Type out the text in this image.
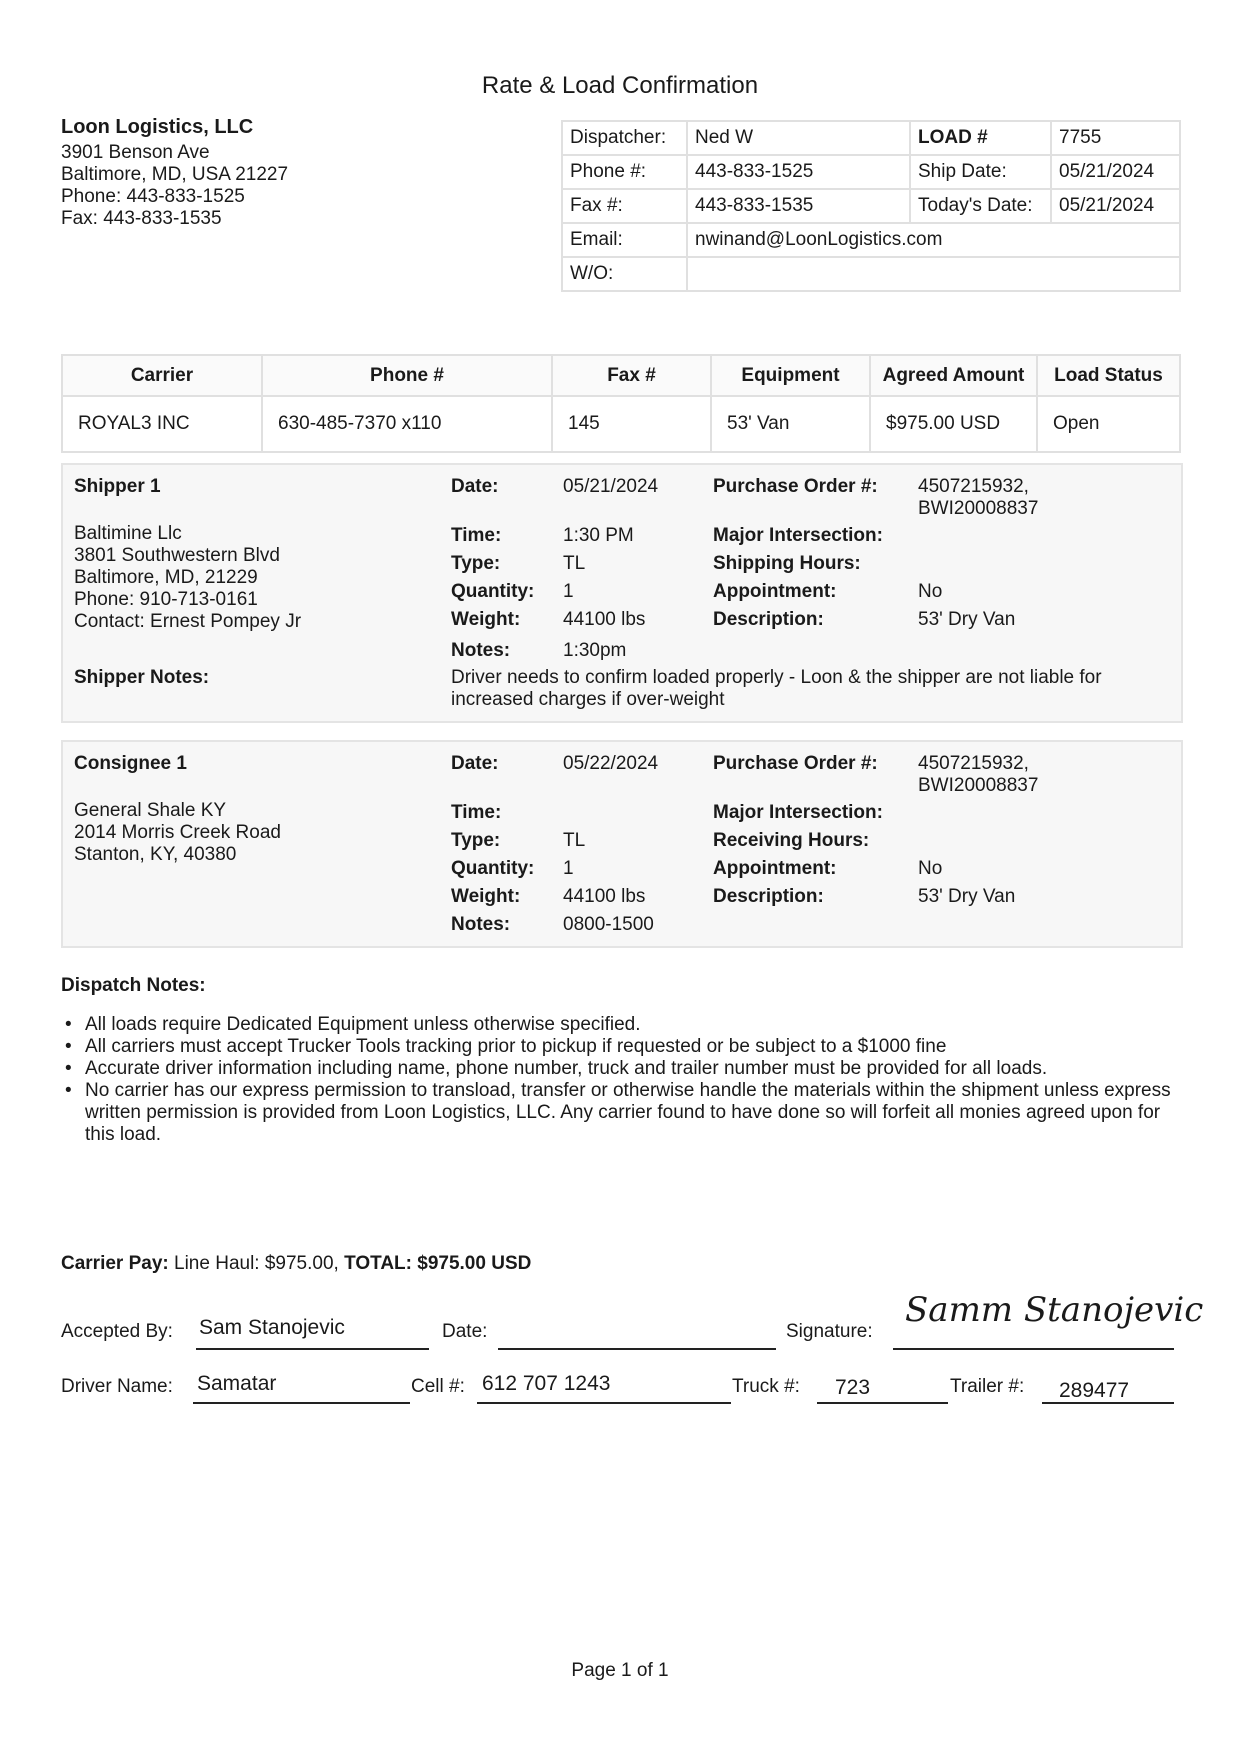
Rate & Load Confirmation
Loon Logistics, LLC
3901 Benson Ave
Baltimore, MD, USA 21227
Phone: 443-833-1525
Fax: 443-833-1535
Dispatcher:	Ned W	LOAD #	7755
Phone #:	443-833-1525	Ship Date:	05/21/2024
Fax #:	443-833-1535	Today's Date:	05/21/2024
Email:	nwinand@LoonLogistics.com		
W/O:			
Carrier	Phone #	Fax #	Equipment	Agreed Amount	Load Status
ROYAL3 INC	630-485-7370 x110	145	53' Van	$975.00 USD	Open
Shipper 1
Baltimine Llc
3801 Southwestern Blvd
Baltimore, MD, 21229
Phone: 910-713-0161
Contact: Ernest Pompey Jr
Date:	05/21/2024	Purchase Order #: 4507215932,
BWI20008837
Time:	1:30 PM	Major Intersection:
Type:	TL	Shipping Hours:
Quantity: 1	Appointment:	No
Weight: 44100 lbs	Description:	53' Dry Van
Notes:	1:30pm
Shipper Notes:	Driver needs to confirm loaded properly - Loon & the shipper are not liable for
increased charges if over-weight
Consignee 1
General Shale KY
2014 Morris Creek Road
Stanton, KY, 40380
Date:	05/22/2024	Purchase Order #: 4507215932,
BWI20008837
Time:	Major Intersection:
Type:	TL	Receiving Hours:
Quantity: 1	Appointment:	No
Weight: 44100 lbs	Description:	53' Dry Van
Notes:	0800-1500
Dispatch Notes:
• All loads require Dedicated Equipment unless otherwise specified.
• All carriers must accept Trucker Tools tracking prior to pickup if requested or be subject to a $1000 fine
• Accurate driver information including name, phone number, truck and trailer number must be provided for all loads.
• No carrier has our express permission to transload, transfer or otherwise handle the materials within the shipment unless express written permission is provided from Loon Logistics, LLC. Any carrier found to have done so will forfeit all monies agreed upon for this load.
Carrier Pay: Line Haul: $975.00, TOTAL: $975.00 USD
Accepted By: Sam Stanojevic	Date:	Signature:
Samm Stanojevic
Driver Name: Samatar	Cell #: 612 707 1243	Truck #: 723	Trailer #: 289477
Page 1 of 1
